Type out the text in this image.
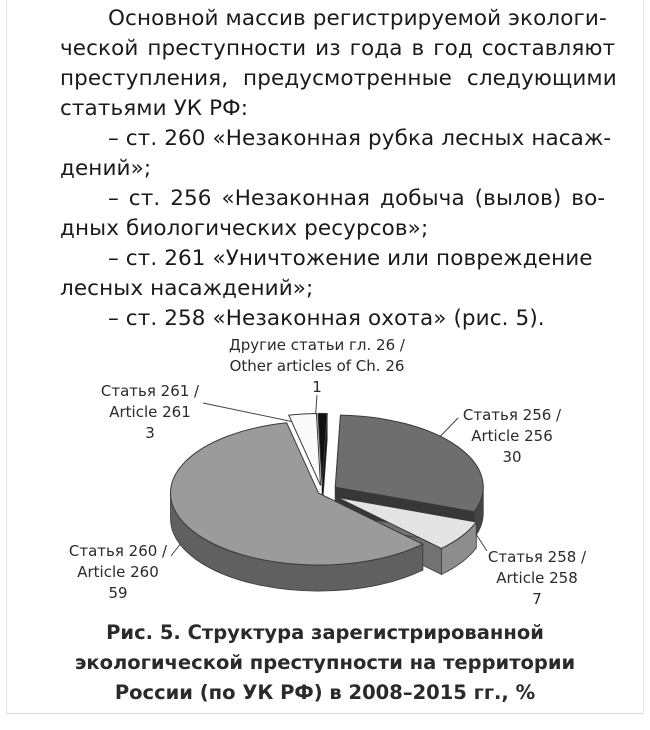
Основной массив регистрируемой экологи-
ческой преступности из года в год составляют
преступления, предусмотренные следующими
статьями УК РФ:
– ст. 260 «Незаконная рубка лесных насаж-
дений»;
– ст. 256 «Незаконная добыча (вылов) во-
дных биологических ресурсов»;
– ст. 261 «Уничтожение или повреждение
лесных насаждений»;
– ст. 258 «Незаконная охота» (рис. 5).
Статья 256 /
Article 256
30
Статья 258 /
Article 258
7
Статья 260 /
Article 260
59
Статья 261 /
Article 261
3
Другие статьи гл. 26 /
Other articles of Ch. 26
1
Рис. 5. Структура зарегистрированной
экологической преступности на территории
России (по УК РФ) в 2008–2015 гг., %
